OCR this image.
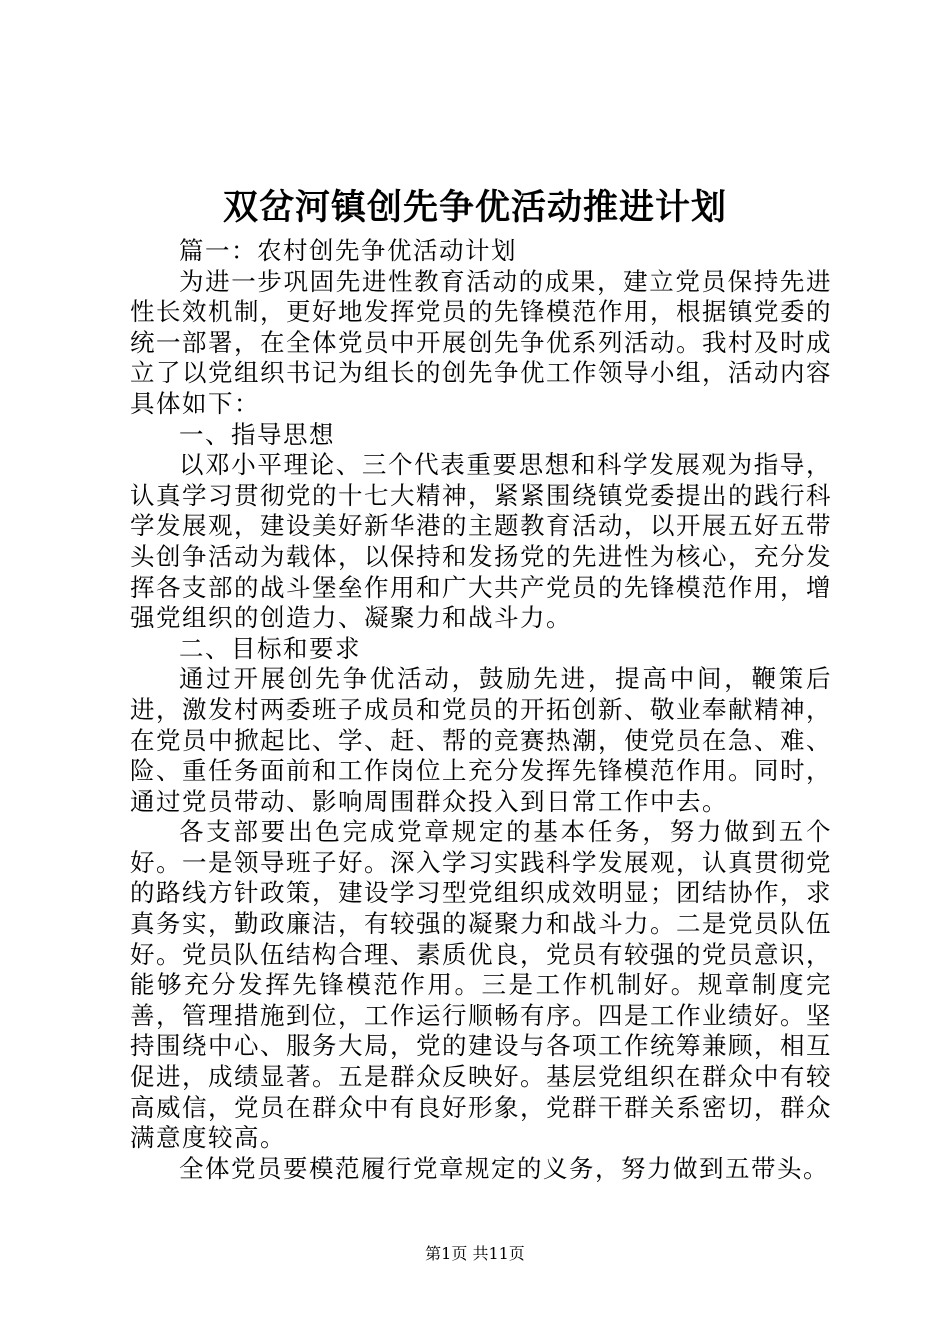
双岔河镇创先争优活动推进计划

篇一：农村创先争优活动计划

为进一步巩固先进性教育活动的成果，建立党员保持先进性长效机制，更好地发挥党员的先锋模范作用，根据镇党委的统一部署，在全体党员中开展创先争优系列活动。我村及时成立了以党组织书记为组长的创先争优工作领导小组，活动内容具体如下：

一、指导思想

以邓小平理论、三个代表重要思想和科学发展观为指导，认真学习贯彻党的十七大精神，紧紧围绕镇党委提出的践行科学发展观，建设美好新华港的主题教育活动，以开展五好五带头创争活动为载体，以保持和发扬党的先进性为核心，充分发挥各支部的战斗堡垒作用和广大共产党员的先锋模范作用，增强党组织的创造力、凝聚力和战斗力。

二、目标和要求

通过开展创先争优活动，鼓励先进，提高中间，鞭策后进，激发村两委班子成员和党员的开拓创新、敬业奉献精神，在党员中掀起比、学、赶、帮的竞赛热潮，使党员在急、难、险、重任务面前和工作岗位上充分发挥先锋模范作用。同时，通过党员带动、影响周围群众投入到日常工作中去。

各支部要出色完成党章规定的基本任务，努力做到五个好。一是领导班子好。深入学习实践科学发展观，认真贯彻党的路线方针政策，建设学习型党组织成效明显；团结协作，求真务实，勤政廉洁，有较强的凝聚力和战斗力。二是党员队伍好。党员队伍结构合理、素质优良，党员有较强的党员意识，能够充分发挥先锋模范作用。三是工作机制好。规章制度完善，管理措施到位，工作运行顺畅有序。四是工作业绩好。坚持围绕中心、服务大局，党的建设与各项工作统筹兼顾，相互促进，成绩显著。五是群众反映好。基层党组织在群众中有较高威信，党员在群众中有良好形象，党群干群关系密切，群众满意度较高。

全体党员要模范履行党章规定的义务，努力做到五带头。

第1页 共11页
